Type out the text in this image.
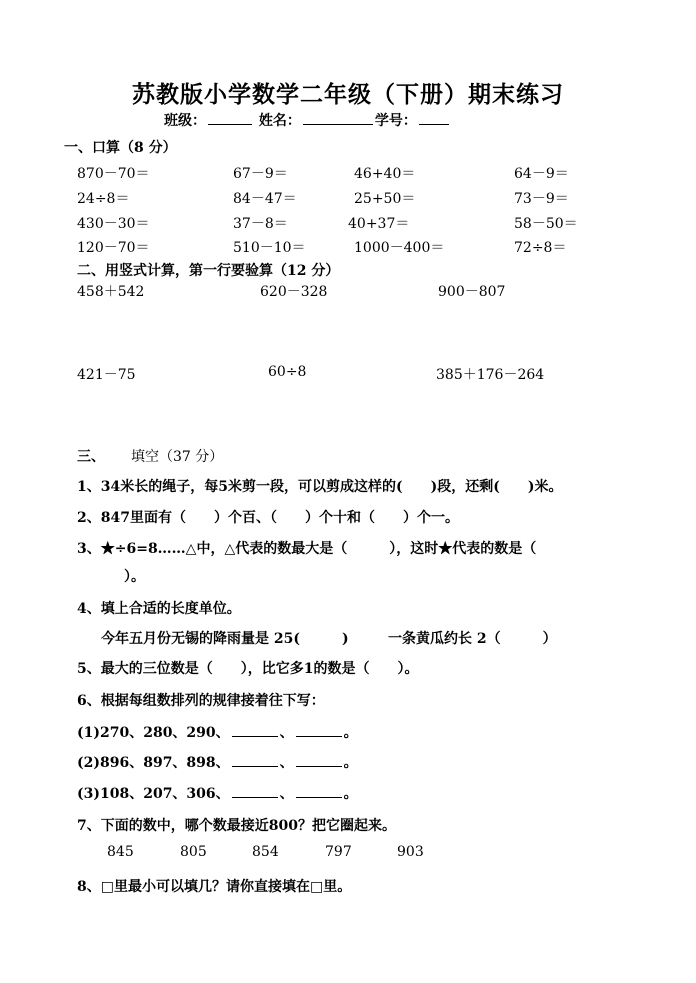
苏教版小学数学二年级（下册）期末练习
班级：	姓名：	学号：
一、口算（8 分）
870－70＝	67－9＝	46+40＝	64－9＝
24÷8＝	84－47＝	25+50＝	73－9＝
430－30＝	37－8＝	40+37＝	58－50＝
120－70＝	510－10＝	1000－400＝	72÷8＝
二、用竖式计算，第一行要验算（12 分）
458＋542	620－328	900－807
421－75	60÷8	385＋176－264
三、 填空（37 分）
1、34米长的绳子，每5米剪一段，可以剪成这样的(　　)段，还剩(　　)米。
2、847里面有（　　）个百、（　　）个十和（　　）个一。
3、★÷6=8……△中，△代表的数最大是（　　　），这时★代表的数是（
）。
4、填上合适的长度单位。
今年五月份无锡的降雨量是 25(　　　)	一条黄瓜约长 2（　　　）
5、最大的三位数是（　　），比它多1的数是（　　）。
6、根据每组数排列的规律接着往下写：
(1)270、280、290、	、	。
(2)896、897、898、	、	。
(3)108、207、306、	、	。
7、下面的数中，哪个数最接近800？把它圈起来。
845	805	854	797	903
8、□里最小可以填几？请你直接填在□里。
